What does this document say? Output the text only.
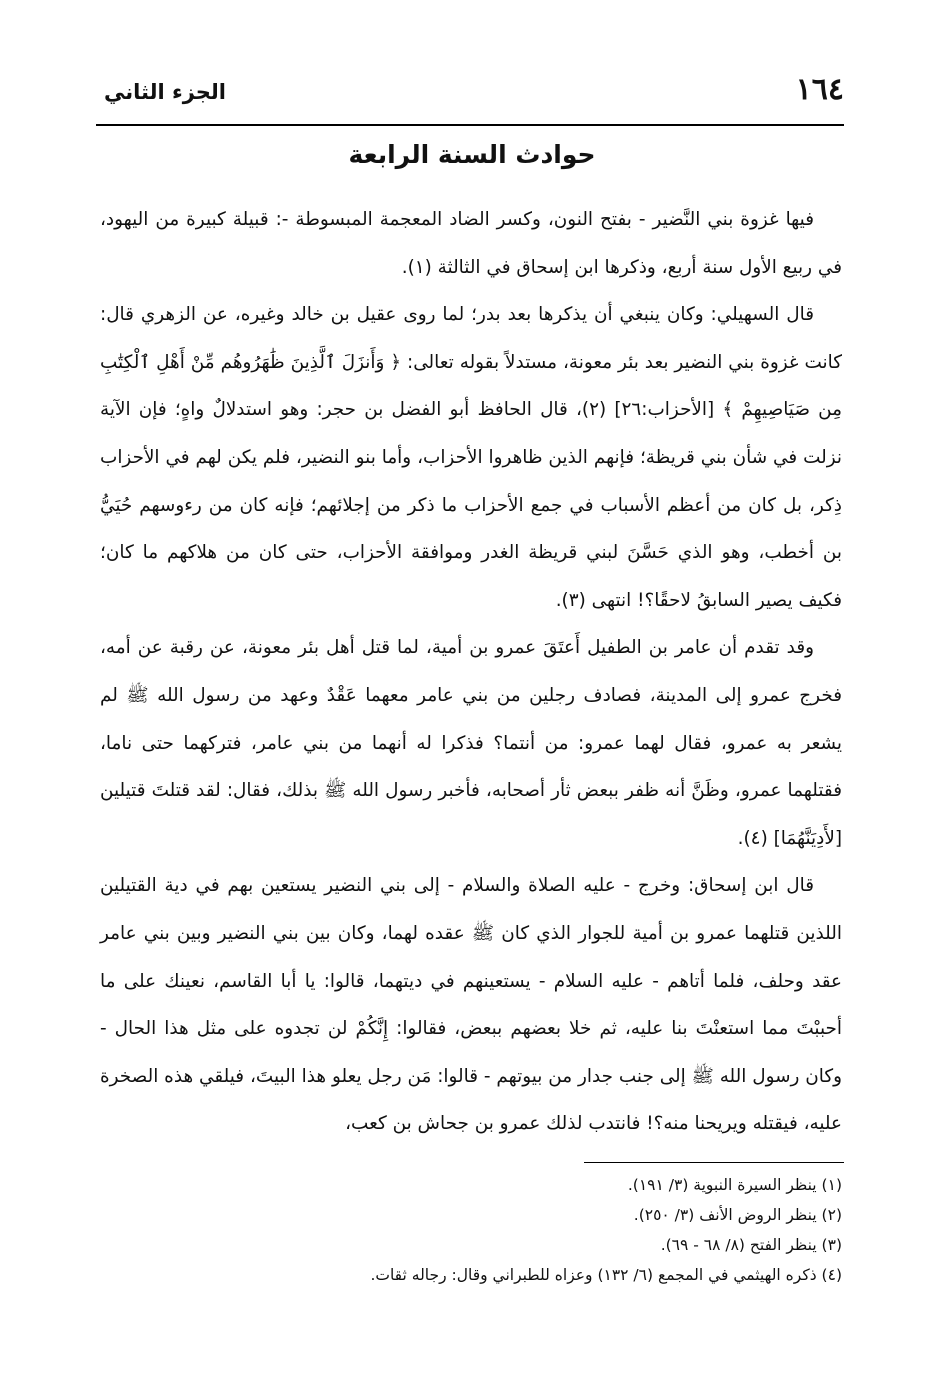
١٦٤
الجزء الثاني
حوادث السنة الرابعة

فيها غزوة بني النَّضير - بفتح النون، وكسر الضاد المعجمة المبسوطة -: قبيلة كبيرة من اليهود، في ربيع الأول سنة أربع، وذكرها ابن إسحاق في الثالثة (١).

قال السهيلي: وكان ينبغي أن يذكرها بعد بدر؛ لما روى عقيل بن خالد وغيره، عن الزهري قال: كانت غزوة بني النضير بعد بئر معونة، مستدلاً بقوله تعالى: ﴿ وَأَنزَلَ ٱلَّذِينَ ظَٰهَرُوهُم مِّنْ أَهْلِ ٱلْكِتَٰبِ مِن صَيَاصِيهِمْ ﴾ [الأحزاب:٢٦] (٢)، قال الحافظ أبو الفضل بن حجر: وهو استدلالٌ واهٍ؛ فإن الآية نزلت في شأن بني قريظة؛ فإنهم الذين ظاهروا الأحزاب، وأما بنو النضير، فلم يكن لهم في الأحزاب ذِكر، بل كان من أعظم الأسباب في جمع الأحزاب ما ذكر من إجلائهم؛ فإنه كان من رءوسهم حُيَيُّ بن أخطب، وهو الذي حَسَّنَ لبني قريظة الغدر وموافقة الأحزاب، حتى كان من هلاكهم ما كان؛ فكيف يصير السابقُ لاحقًا؟! انتهى (٣).

وقد تقدم أن عامر بن الطفيل أَعتَقَ عمرو بن أمية، لما قتل أهل بئر معونة، عن رقبة عن أمه، فخرج عمرو إلى المدينة، فصادف رجلين من بني عامر معهما عَقْدٌ وعهد من رسول الله ﷺ لم يشعر به عمرو، فقال لهما عمرو: من أنتما؟ فذكرا له أنهما من بني عامر، فتركهما حتى ناما، فقتلهما عمرو، وظَنَّ أنه ظفر ببعض ثأر أصحابه، فأخبر رسول الله ﷺ بذلك، فقال: لقد قتلتَ قتيلين [لأَدِيَنَّهُمَا] (٤).

قال ابن إسحاق: وخرج - عليه الصلاة والسلام - إلى بني النضير يستعين بهم في دية القتيلين اللذين قتلهما عمرو بن أمية للجوار الذي كان ﷺ عقده لهما، وكان بين بني النضير وبين بني عامر عقد وحلف، فلما أتاهم - عليه السلام - يستعينهم في ديتهما، قالوا: يا أبا القاسم، نعينك على ما أحببْتَ مما استعنْتَ بنا عليه، ثم خلا بعضهم ببعض، فقالوا: إِنَّكُمْ لن تجدوه على مثل هذا الحال - وكان رسول الله ﷺ إلى جنب جدار من بيوتهم - قالوا: مَن رجل يعلو هذا البيتَ، فيلقي هذه الصخرة عليه، فيقتله ويريحنا منه؟! فانتدب لذلك عمرو بن جحاش بن كعب،

(١) ينظر السيرة النبوية (٣/ ١٩١).

(٢) ينظر الروض الأنف (٣/ ٢٥٠).

(٣) ينظر الفتح (٨/ ٦٨ - ٦٩).

(٤) ذكره الهيثمي في المجمع (٦/ ١٣٢) وعزاه للطبراني وقال: رجاله ثقات.
